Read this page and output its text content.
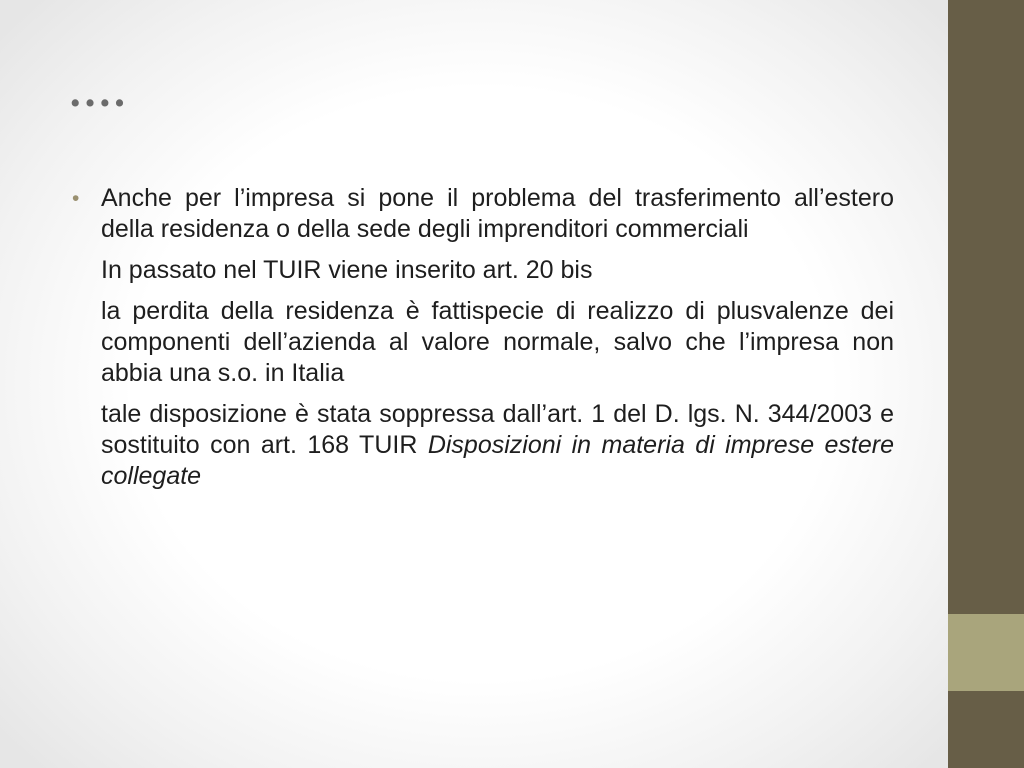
….
• Anche per l’impresa si pone il problema del trasferimento all’estero della residenza o della sede degli imprenditori commerciali

In passato nel TUIR viene inserito art. 20 bis

la perdita della residenza è fattispecie di realizzo di plusvalenze dei componenti dell’azienda al valore normale, salvo che l’impresa non abbia una s.o. in Italia

tale disposizione è stata soppressa dall’art. 1 del D. lgs. N. 344/2003 e sostituito con art. 168 TUIR Disposizioni in materia di imprese estere collegate
